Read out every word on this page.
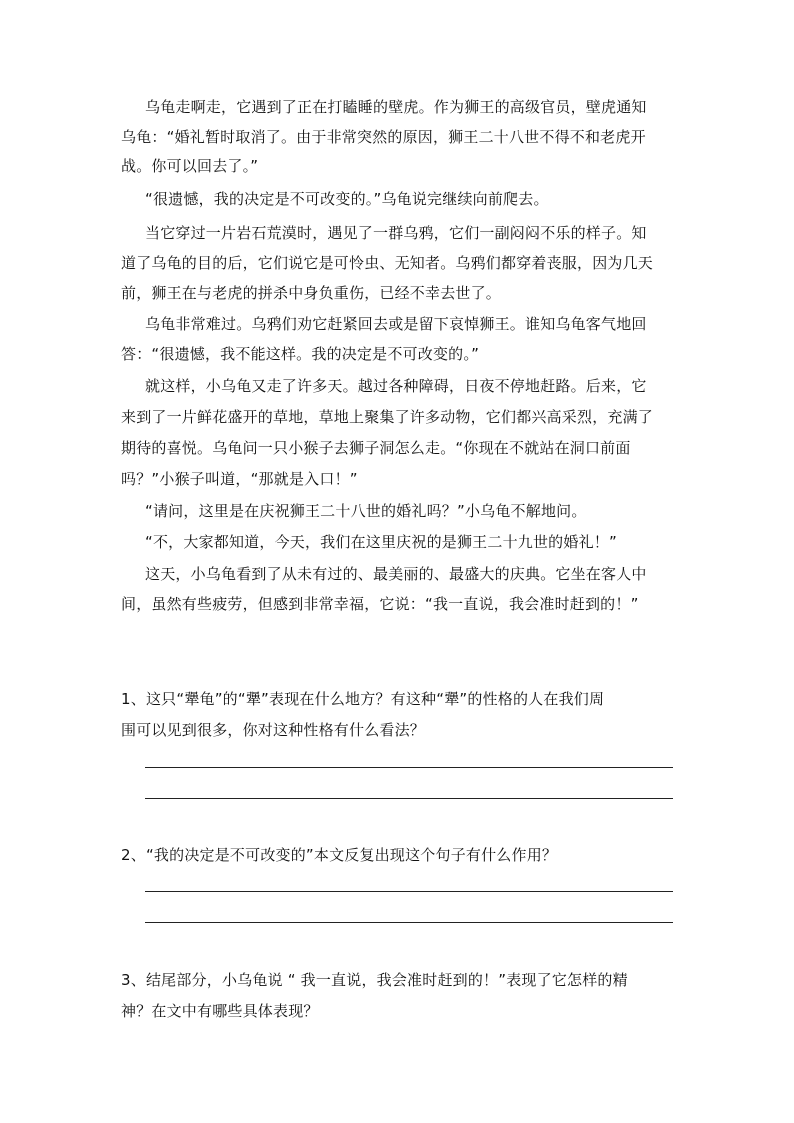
乌龟走啊走，它遇到了正在打瞌睡的壁虎。作为狮王的高级官员，壁虎通知
乌龟：“婚礼暂时取消了。由于非常突然的原因，狮王二十八世不得不和老虎开
战。你可以回去了。”
“很遗憾，我的决定是不可改变的。”乌龟说完继续向前爬去。
当它穿过一片岩石荒漠时，遇见了一群乌鸦，它们一副闷闷不乐的样子。知
道了乌龟的目的后，它们说它是可怜虫、无知者。乌鸦们都穿着丧服，因为几天
前，狮王在与老虎的拼杀中身负重伤，已经不幸去世了。
乌龟非常难过。乌鸦们劝它赶紧回去或是留下哀悼狮王。谁知乌龟客气地回
答：“很遗憾，我不能这样。我的决定是不可改变的。”
就这样，小乌龟又走了许多天。越过各种障碍，日夜不停地赶路。后来，它
来到了一片鲜花盛开的草地，草地上聚集了许多动物，它们都兴高采烈，充满了
期待的喜悦。乌龟问一只小猴子去狮子洞怎么走。“你现在不就站在洞口前面
吗？”小猴子叫道，“那就是入口！”
“请问，这里是在庆祝狮王二十八世的婚礼吗？”小乌龟不解地问。
“不，大家都知道，今天，我们在这里庆祝的是狮王二十九世的婚礼！”
这天，小乌龟看到了从未有过的、最美丽的、最盛大的庆典。它坐在客人中
间，虽然有些疲劳，但感到非常幸福，它说：“我一直说，我会准时赶到的！”
1、这只“犟龟”的“犟”表现在什么地方？有这种“犟”的性格的人在我们周
围可以见到很多，你对这种性格有什么看法？
2、“我的决定是不可改变的”本文反复出现这个句子有什么作用？
3、结尾部分，小乌龟说 “ 我一直说，我会准时赶到的！”表现了它怎样的精
神？在文中有哪些具体表现？
